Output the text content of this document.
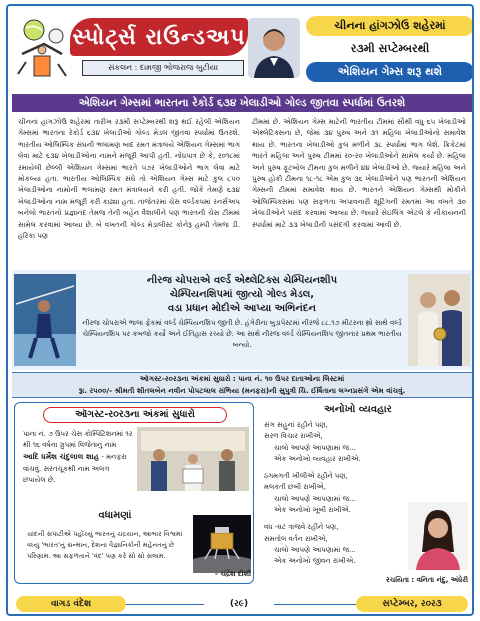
સ્પોર્ટ્સ રાઉન્ડઅપ
સંકલન : દામજી ભોજરાજ બુટીયા
ચીનના હાંગઝોઉ શહેરમાં
ર૩મી સપ્ટેમ્બરથી
એશિયન ગેમ્સ શરૂ થશે
એશિયન ગેમ્સમાં ભારતના રેકોર્ડ ૬૩૪ ખેલાડીઓ ગોલ્ડ જીતવા સ્પર્ધામાં ઉતરશે
ચીનના હાંગઝોઉ શહેરમાં તારીખ ર૩મી સપ્ટેમ્બરથી શરૂ થઈ રહેલી એશિયન ગેમ્સમાં ભારતના રેકોર્ડ ૬૩૪ ખેલાડીઓ ગોલ્ડ મેડલ જીતવા સ્પર્ધામાં ઉતરશે. ભારતીય ઓલિમ્પિક સંઘની ભલામણ બાદ રમત મંત્રાલયે એશિયન ગેમ્સમાં ભાગ લેવા માટે ૬૩૪ ખેલાડીઓના નામને મંજૂરી આપી હતી. નોંધપાત્ર છે કે, ર૦૧૮માં રમાયેલી છેલ્લી એશિયન ગેમ્સમાં ભારતે ૫૭ર ખેલાડીઓને ભાગ લેવા માટે મોકલ્યા હતા. ભારતીય ઓલિમ્પિક સંઘે તો એશિયન ગેમ્સ માટે કુલ ૮૫૦ ખેલાડીઓના નામોની ભલામણ રમત મંત્રાલયને કરી હતી. જોકે તેમણે ૬૩૪ ખેલાડીઓના નામ મંજૂરી કરી કાઢ્યા હતા. તાજેતરમાં ચેસ વર્લ્ડકપમાં રનર્સઅપ બનેલો ભારતનો પ્રજ્ઞાનંદ તેમજ તેની બહેન વૈશાલીને પણ ભારતની ચેસ ટીમમાં સામેલ કરવામાં આવ્યા છે. બે વખતની ગોલ્ડ મેડાલીસ્ટ કોનેરૂ હમ્પી તેમજ ડી. હરિકા પણ
ટીમમાં છે. એશિયન ગેમ્સ માટેની ભારતીય ટીમમાં સૌથી વધુ ૬૫ ખેલાડીઓ એથ્લેટિક્સના છે, જેમાં ૩૪ પુરુષ અને ૩૧ મહિલા ખેલાડીઓનો સમાવેશ થાય છે. ભારતના ખેલાડીઓ કુલ મળીને ૩૮ સ્પર્ધામાં ભાગ લેશે. ક્રિકેટમાં ભારતે મહિલા અને પુરુષ ટીમમાં ર૦-ર૦ ખેલાડીઓને સામેલ કર્યા છે. મહિલા અને પુરુષ ફૂટબોલ ટીમના કુલ મળીને ૪૪ ખેલાડીઓ છે. જ્યારે મહિલા અને પુરુષ હોકી ટીમના ૧૮-૧૮ એમ કુલ ૩૬ ખેલાડીઓને પણ ભારતની એશિયન ગેમ્સની ટીમમાં સમાવેશ થાય છે. ભારતને એશિયન ગેમ્સથી મોકીને ઓલિમ્પિક્સમાં પણ સફળતા અપાવનારી શૂટિંગની રમતમાં આ વખતે ૩૦ ખેલાડીઓને પસંદ કરવામાં આવ્યા છે. જ્યારે સેઇલિંગ એટલે કે નૌકાયનની સ્પર્ધામાં માટે ૩૩ ખેલાડીની પસંદગી કરવામાં આવી છે.
નીરજ ચોપરાએ વર્લ્ડ એથ્લેટિક્સ ચેમ્પિયનશીપ
ચેમ્પિયનશિપમાં જીત્યો ગોલ્ડ મેડલ,
વડા પ્રધાન મોદીએ આપ્યા અભિનંદન
નીરજ ચોપરાએ ભાલા ફેંકમાં વર્લ્ડ ચેમ્પિયનશિપ જીતી છે. હંગેરીના બુડાપેસ્ટમાં નીરજે ૮૮.૧૭ મીટરના થ્રો સાથે વર્લ્ડ ચેમ્પિયનશિપ પર કબજો કર્યો અને ઈતિહાસ રચ્યો છે. આ સાથે નીરજ વર્લ્ડ ચેમ્પિયનશિપ જીતનાર પ્રથમ ભારતીય બન્યો.
ઑગસ્ટ-ર૦ર૩ના અંકમાં સુધારો : પાના નં. ૧૦ ઉપર દાતાઓના લિસ્ટમાં
રૂા. ર૫૦૦/- શ્રીમતી શીતલબેન નવીન પોપટલાલ રાંભિયા (મનફરા)ની સુપુત્રી ચિ. ઈર્ષિતાના લગ્નપ્રસંગે એમ વાંચવું.
ઑગસ્ટ-ર૦ર૩ના અંકમાં સુધારો
પાના નં. ૭ ઉપર ચેસ કોમ્પિટિશનમાં ૧ર થી ૧૬ વર્ષના ગ્રુપમાં વિજેતાનું નામ આદિ ધર્મેશ ચંદુલાલ શાહ - મનફરા વાંચવું. સરતચૂકથી નામ અલગ છપાયેલ છે.
વધામણાં
ચાંદની સપાટીએ પહોંચ્યું ભારતનું ચંદ્રયાન, આભાર વિશ્વમાં વધ્યું 'ભારત'નું સન્માન, દેશના વૈજ્ઞાનિકોની મહેનતનું છે પરિણામ. આ સફળતાને 'વંદ' પણ કરે સો સો સલામ.
- ચંદ્રેશ દોશી
અનોખો વ્યવહાર
સંગ સહુનાં રહીને પણ,
સરળ વિચાર રાખીએ,
ચાલો આપણે આપણામાં જ...
એક અનોખો વ્યવહાર રાખીએ.
ઠગમગતી ખીલીએ રહીને પણ,
મલકતી છબી રાખીએ,
ચાલો આપણે આપણામાં જ...
એક અનોખો ખૂબી રાખીએ.
વધ -ઘટ ત્રાજવે રહીને પણ,
સમતોલ વર્તન રાખીએ,
ચાલો આપણે આપણામાં જ...
એક અનોખો જીવન રાખીએ.
રચયિતા : વનિતા નંદુ, અંધેરી
વાગડ વંદેશ	(ર૯)	સપ્ટેમ્બર, ર૦ર૩
